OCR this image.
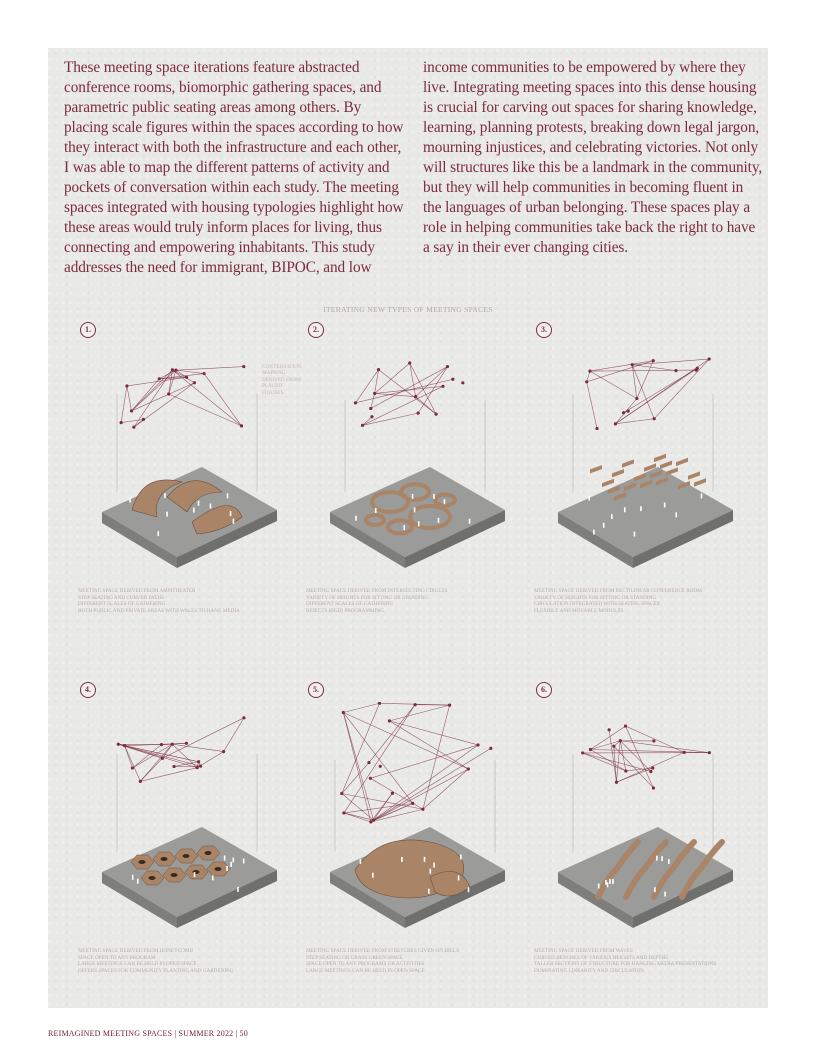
These meeting space iterations feature abstracted conference rooms, biomorphic gathering spaces, and parametric public seating areas among others. By placing scale figures within the spaces according to how they interact with both the infrastructure and each other, I was able to map the different patterns of activity and pockets of conversation within each study. The meeting spaces integrated with housing typologies highlight how these areas would truly inform places for living, thus connecting and empowering inhabitants. This study addresses the need for immigrant, BIPOC, and low

income communities to be empowered by where they live. Integrating meeting spaces into this dense housing is crucial for carving out spaces for sharing knowledge, learning, planning protests, breaking down legal jargon, mourning injustices, and celebrating victories. Not only will structures like this be a landmark in the community, but they will help communities in becoming fluent in the languages of urban belonging. These spaces play a role in helping communities take back the right to have a say in their ever changing cities.

ITERATING NEW TYPES OF MEETING SPACES
1.
CONVERSATION MAPPING DERIVED FROM PLACED FIGURES
MEETING SPACE DERIVED FROM AMPITHEATER
STEP SEATING AND CURVED PATHS
DIFFERENT SCALES OF GATHERING
BOTH PUBLIC AND PRIVATE AREAS WITH WALLS TO HANG MEDIA
2.
MEETING SPACE DERIVED FROM INTERSECTING CIRCLES
VARIETY OF HEIGHTS FOR SITTING OR STANDING
DIFFERENT SCALES OF GATHERING
REJECTS RIGID PROGRAMMING
3.
MEETING SPACE DERIVED FROM RECTILINEAR CONFERENCE ROOM
VARIETY OF HEIGHTS FOR SITTING OR STANDING
CIRCULATION INTEGRATED WITH SEATING SPACES
FLEXIBLE AND MOVABLE MODULES
4.
MEETING SPACE DERIVED FROM HONEYCOMB
SPACE OPEN TO ANY PROGRAM
LARGE MEETINGS CAN BE HELD IN OPEN SPACE
OFFERS SPACES FOR COMMUNITY PLANTING AND GARDENING
5.
MEETING SPACE DERIVED FROM STRETCHES GIVEN ON HILLS
STEP SEATING OR GRASS GREEN SPACE
SPACE OPEN TO ANY PROGRAMS OR ACTIVITIES
LARGE MEETINGS CAN BE HELD IN OPEN SPACE
6.
MEETING SPACE DERIVED FROM WAVES
CURVED BENCHES OF VARIOUS HEIGHTS AND DEPTHS
TALLER SECTIONS OF STRUCTURE FOR HANGING MEDIA/PRESENTATIONS
DOMINATING LINEARITY AND CIRCULATION
REIMAGINED MEETING SPACES | SUMMER 2022 | 50
